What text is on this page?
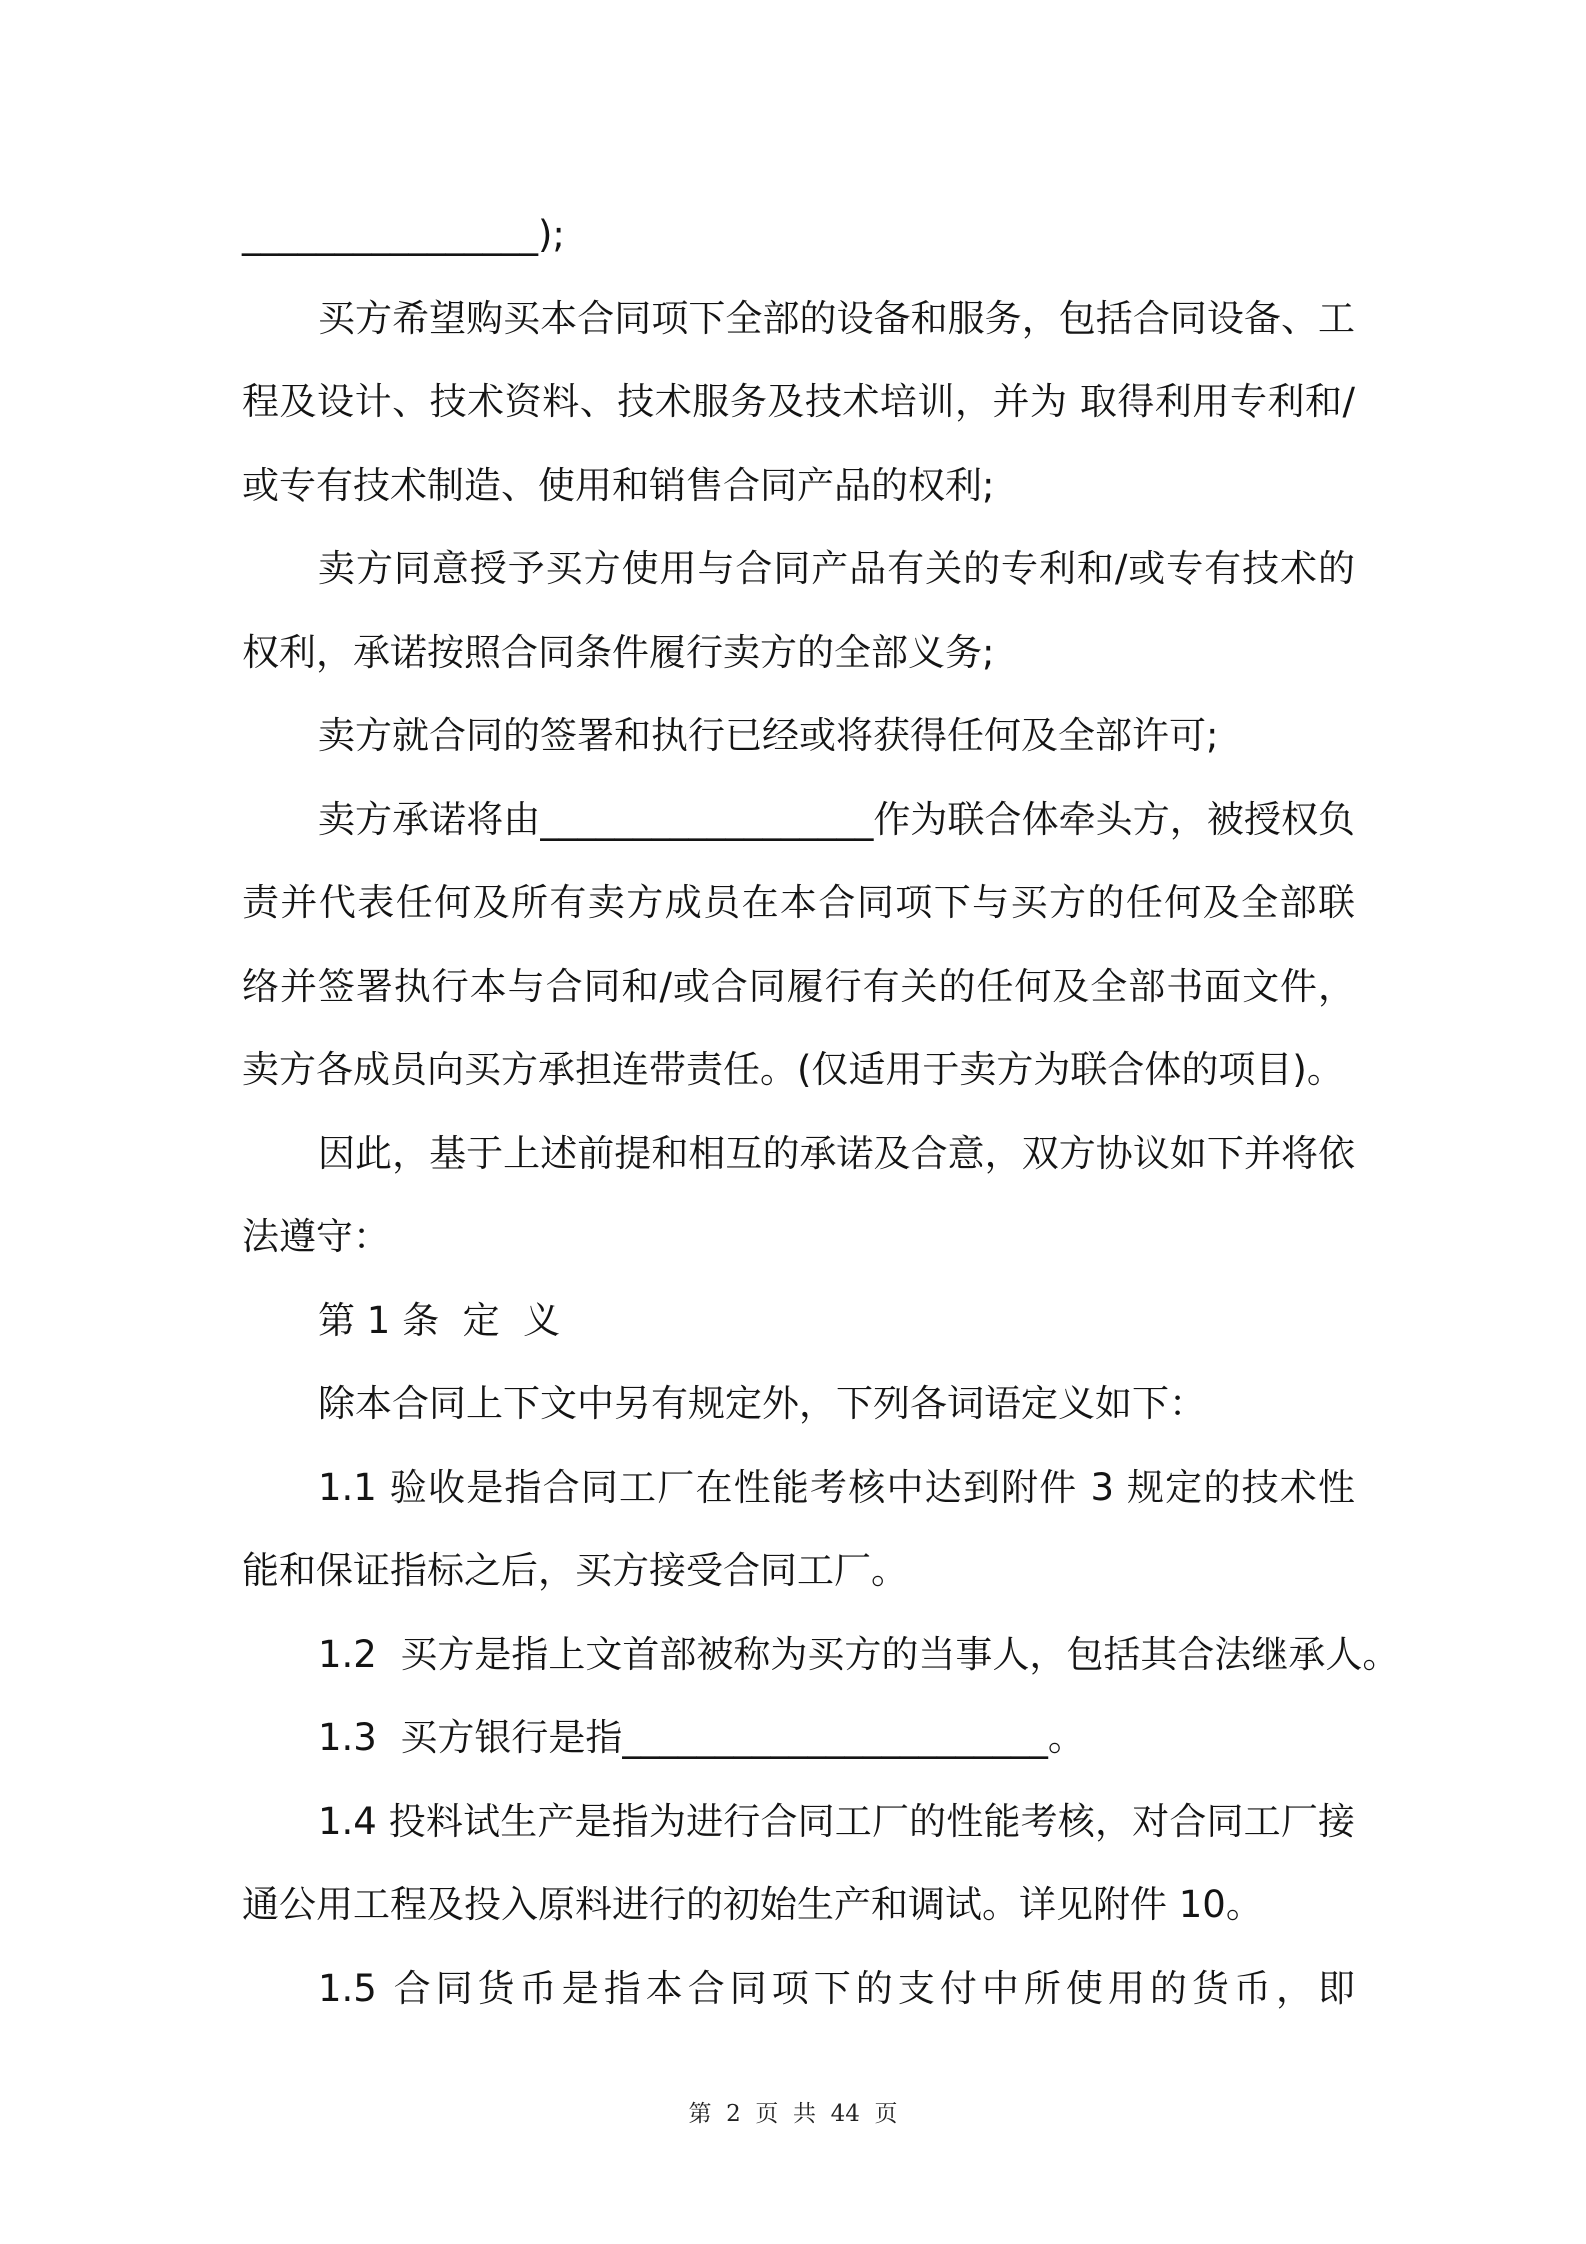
________________);
买方希望购买本合同项下全部的设备和服务，包括合同设备、工
程及设计、技术资料、技术服务及技术培训，并为 取得利用专利和/
或专有技术制造、使用和销售合同产品的权利;
卖方同意授予买方使用与合同产品有关的专利和/或专有技术的
权利，承诺按照合同条件履行卖方的全部义务;
卖方就合同的签署和执行已经或将获得任何及全部许可;
卖方承诺将由__________________作为联合体牵头方，被授权负
责并代表任何及所有卖方成员在本合同项下与买方的任何及全部联
络并签署执行本与合同和/或合同履行有关的任何及全部书面文件，
卖方各成员向买方承担连带责任。(仅适用于卖方为联合体的项目)。
因此，基于上述前提和相互的承诺及合意，双方协议如下并将依
法遵守：
第 1 条  定  义
除本合同上下文中另有规定外，下列各词语定义如下：
1.1 验收是指合同工厂在性能考核中达到附件 3 规定的技术性
能和保证指标之后，买方接受合同工厂。
1.2  买方是指上文首部被称为买方的当事人，包括其合法继承人。
1.3  买方银行是指_______________________。
1.4 投料试生产是指为进行合同工厂的性能考核，对合同工厂接
通公用工程及投入原料进行的初始生产和调试。详见附件 10。
1.5 合同货币是指本合同项下的支付中所使用的货币，即
第  2  页  共  44  页
